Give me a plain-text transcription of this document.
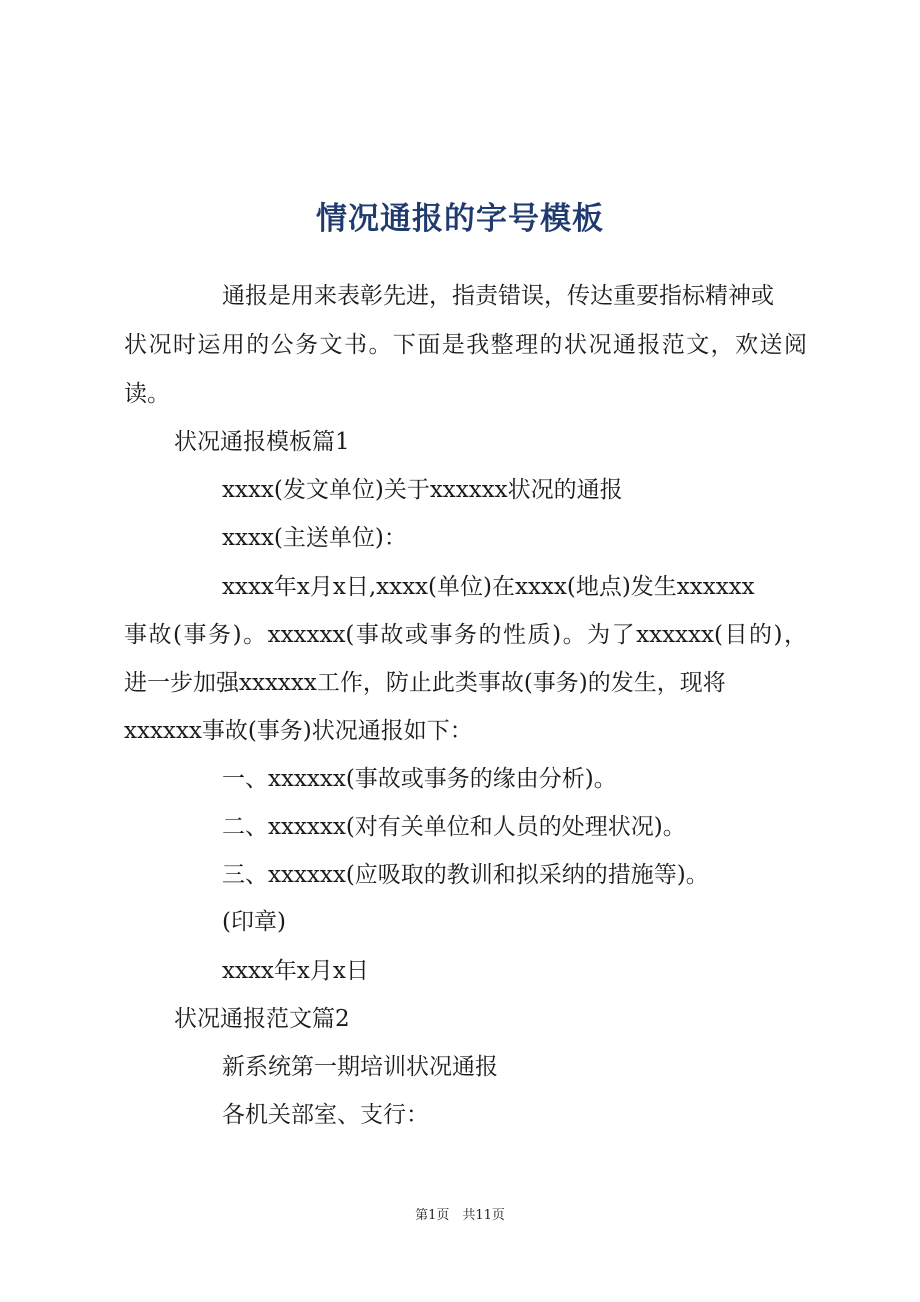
情况通报的字号模板
通报是用来表彰先进，指责错误，传达重要指标精神或
状况时运用的公务文书。下面是我整理的状况通报范文，欢送阅
读。
状况通报模板篇1
xxxx(发文单位)关于xxxxxx状况的通报
xxxx(主送单位)：
xxxx年x月x日,xxxx(单位)在xxxx(地点)发生xxxxxx
事故(事务)。xxxxxx(事故或事务的性质)。为了xxxxxx(目的)，
进一步加强xxxxxx工作，防止此类事故(事务)的发生，现将
xxxxxx事故(事务)状况通报如下：
一、xxxxxx(事故或事务的缘由分析)。
二、xxxxxx(对有关单位和人员的处理状况)。
三、xxxxxx(应吸取的教训和拟采纳的措施等)。
(印章)
xxxx年x月x日
状况通报范文篇2
新系统第一期培训状况通报
各机关部室、支行：
第1页　共11页
